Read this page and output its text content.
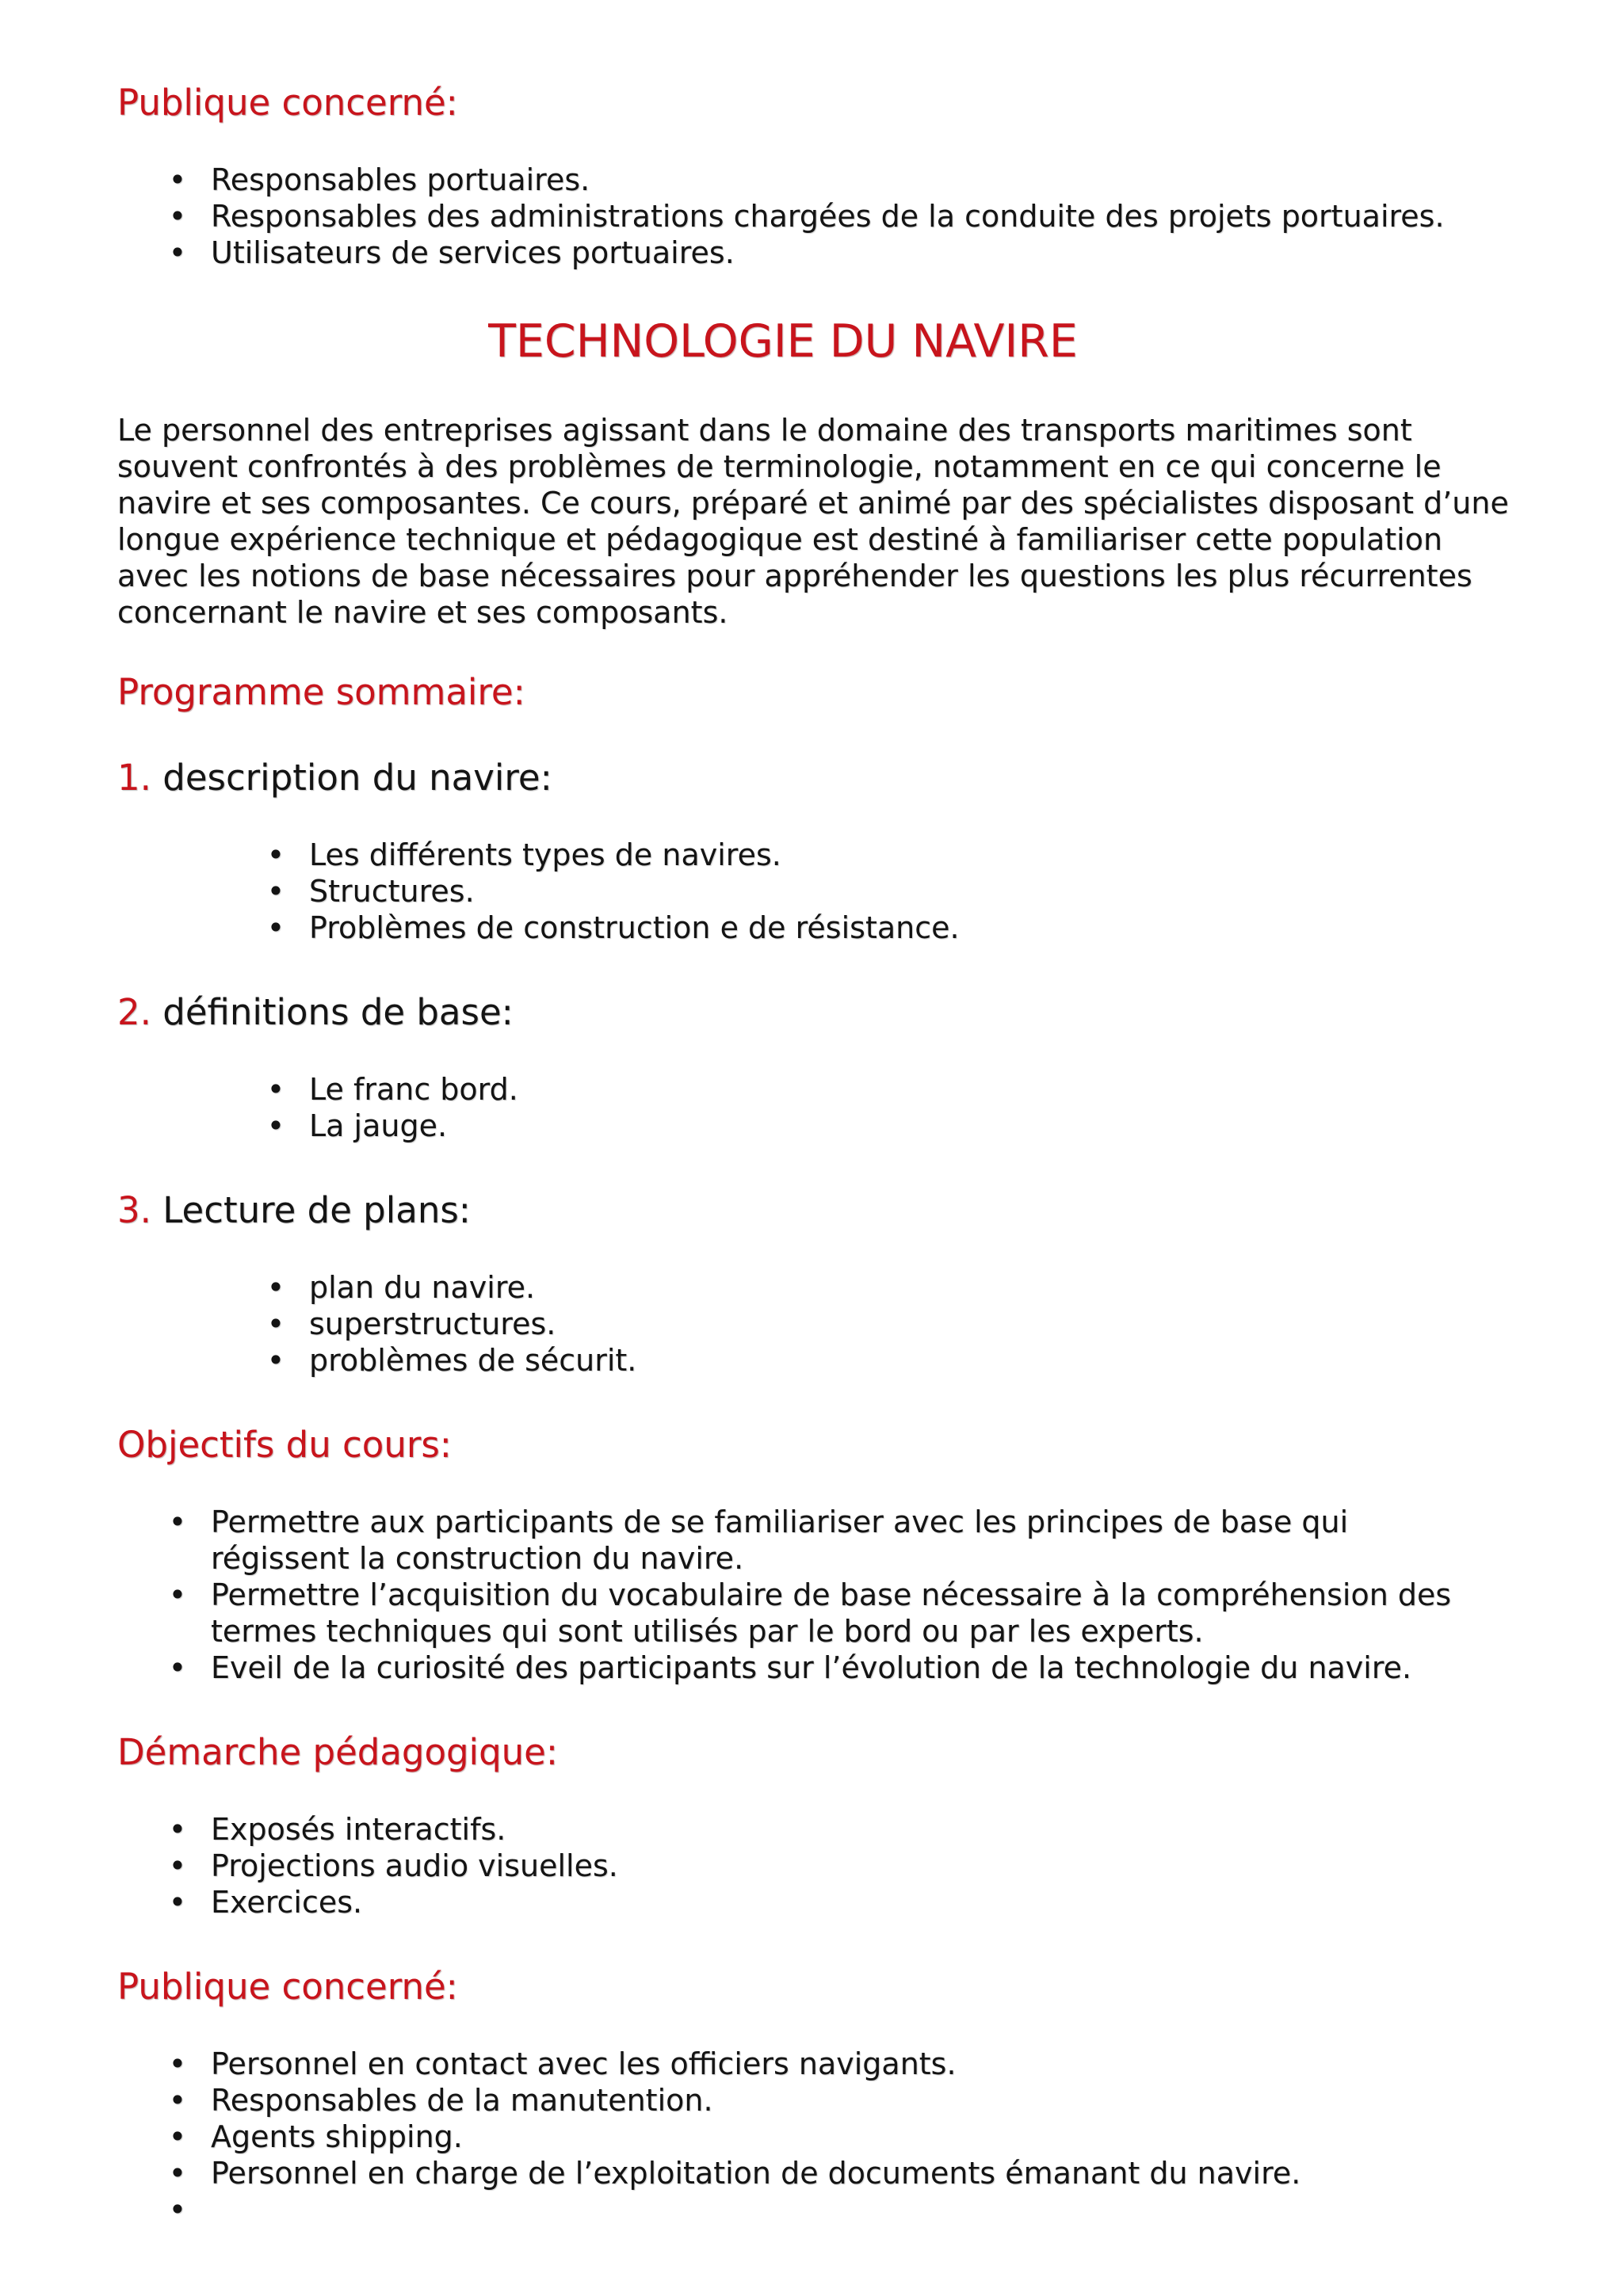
Publique concerné:
• Responsables portuaires.
• Responsables des administrations chargées de la conduite des projets portuaires.
• Utilisateurs de services portuaires.
TECHNOLOGIE DU NAVIRE

Le personnel des entreprises agissant dans le domaine des transports maritimes sont souvent confrontés à des problèmes de terminologie, notamment en ce qui concerne le navire et ses composantes. Ce cours, préparé et animé par des spécialistes disposant d’une longue expérience technique et pédagogique est destiné à familiariser cette population avec les notions de base nécessaires pour appréhender les questions les plus récurrentes concernant le navire et ses composants.

Programme sommaire:
1. description du navire:
• Les différents types de navires.
• Structures.
• Problèmes de construction e de résistance.
2. définitions de base:
• Le franc bord.
• La jauge.
3. Lecture de plans:
• plan du navire.
• superstructures.
• problèmes de sécurit.
Objectifs du cours:
• Permettre aux participants de se familiariser avec les principes de base qui régissent la construction du navire.
• Permettre l’acquisition du vocabulaire de base nécessaire à la compréhension des termes techniques qui sont utilisés par le bord ou par les experts.
• Eveil de la curiosité des participants sur l’évolution de la technologie du navire.
Démarche pédagogique:
• Exposés interactifs.
• Projections audio visuelles.
• Exercices.
Publique concerné:
• Personnel en contact avec les officiers navigants.
• Responsables de la manutention.
• Agents shipping.
• Personnel en charge de l’exploitation de documents émanant du navire.
•
